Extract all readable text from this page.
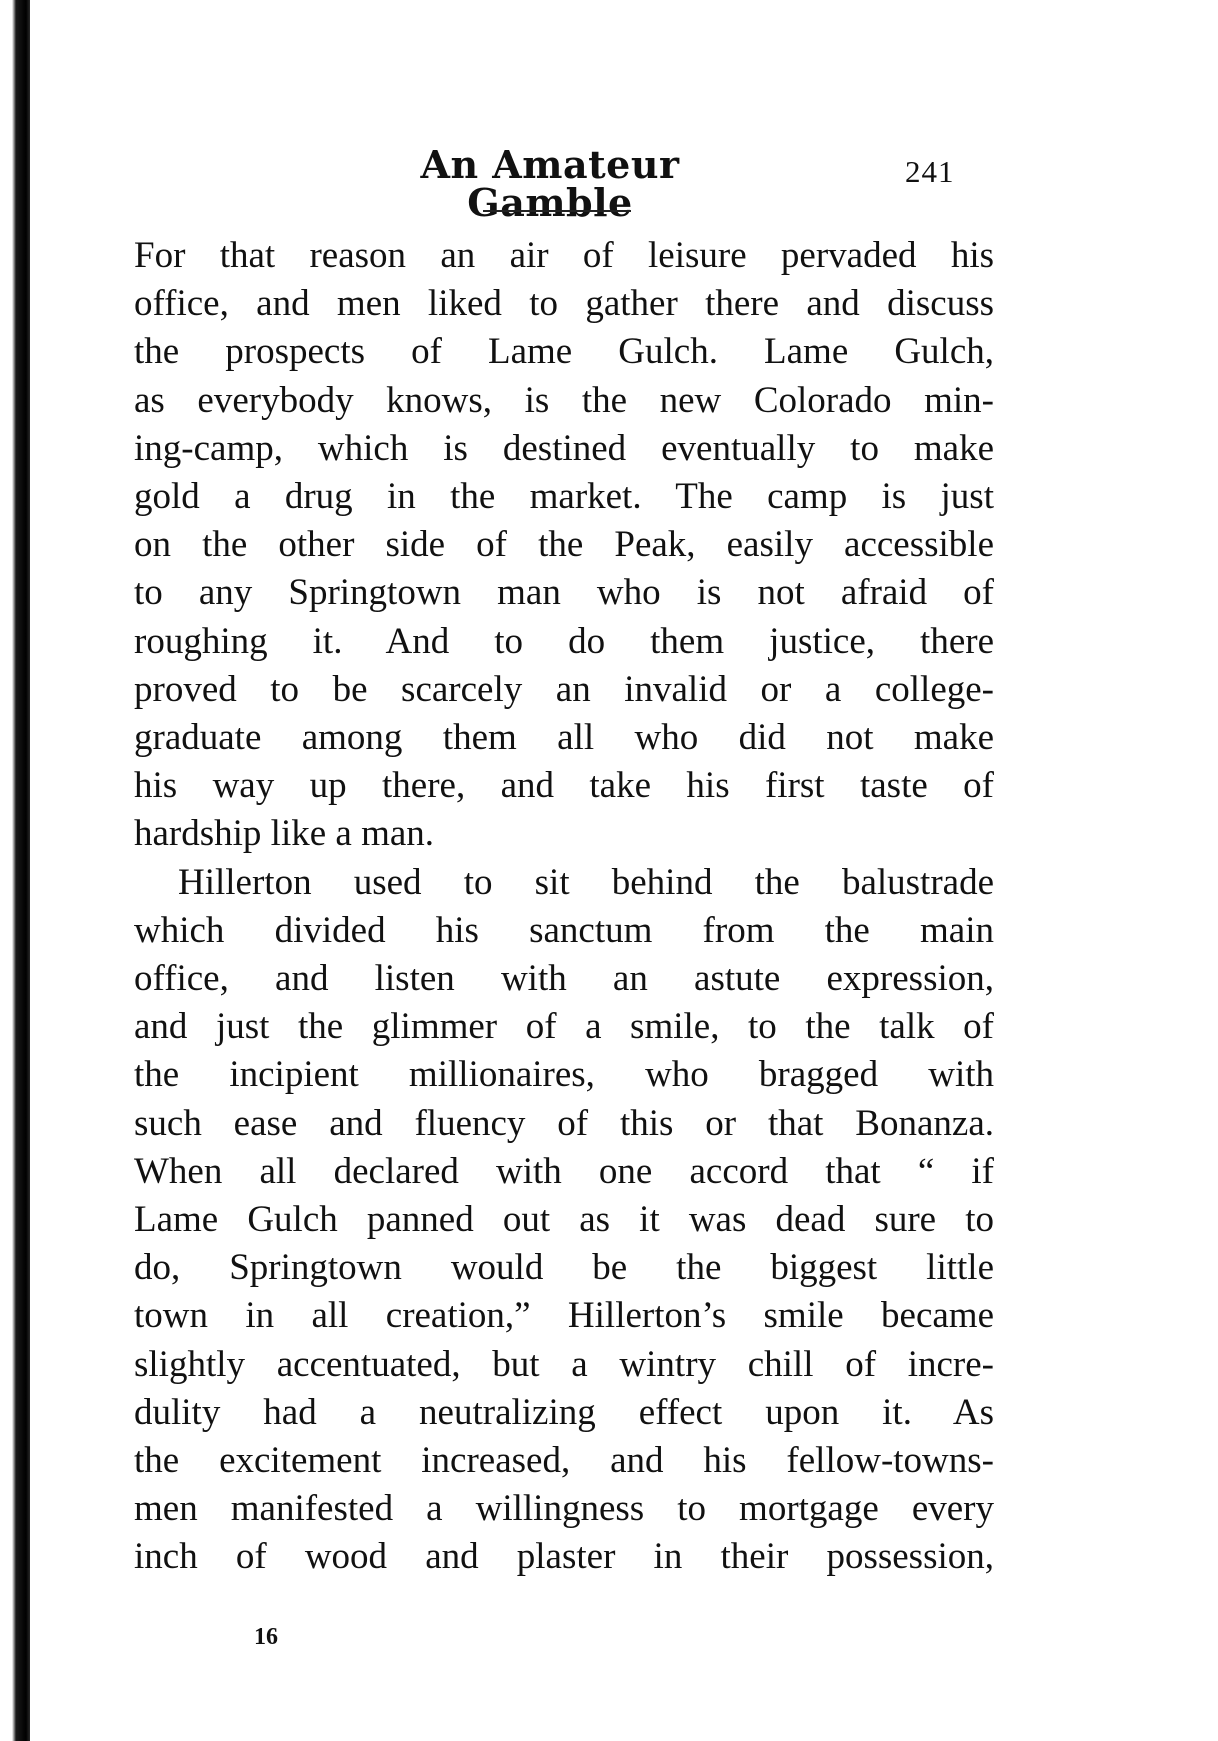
An Amateur Gamble
241
For that reason an air of leisure pervaded his
office, and men liked to gather there and discuss
the prospects of Lame Gulch. Lame Gulch,
as everybody knows, is the new Colorado min-
ing-camp, which is destined eventually to make
gold a drug in the market. The camp is just
on the other side of the Peak, easily accessible
to any Springtown man who is not afraid of
roughing it. And to do them justice, there
proved to be scarcely an invalid or a college-
graduate among them all who did not make
his way up there, and take his first taste of
hardship like a man.
Hillerton used to sit behind the balustrade
which divided his sanctum from the main
office, and listen with an astute expression,
and just the glimmer of a smile, to the talk of
the incipient millionaires, who bragged with
such ease and fluency of this or that Bonanza.
When all declared with one accord that “ if
Lame Gulch panned out as it was dead sure to
do, Springtown would be the biggest little
town in all creation,” Hillerton’s smile became
slightly accentuated, but a wintry chill of incre-
dulity had a neutralizing effect upon it. As
the excitement increased, and his fellow-towns-
men manifested a willingness to mortgage every
inch of wood and plaster in their possession,
16
